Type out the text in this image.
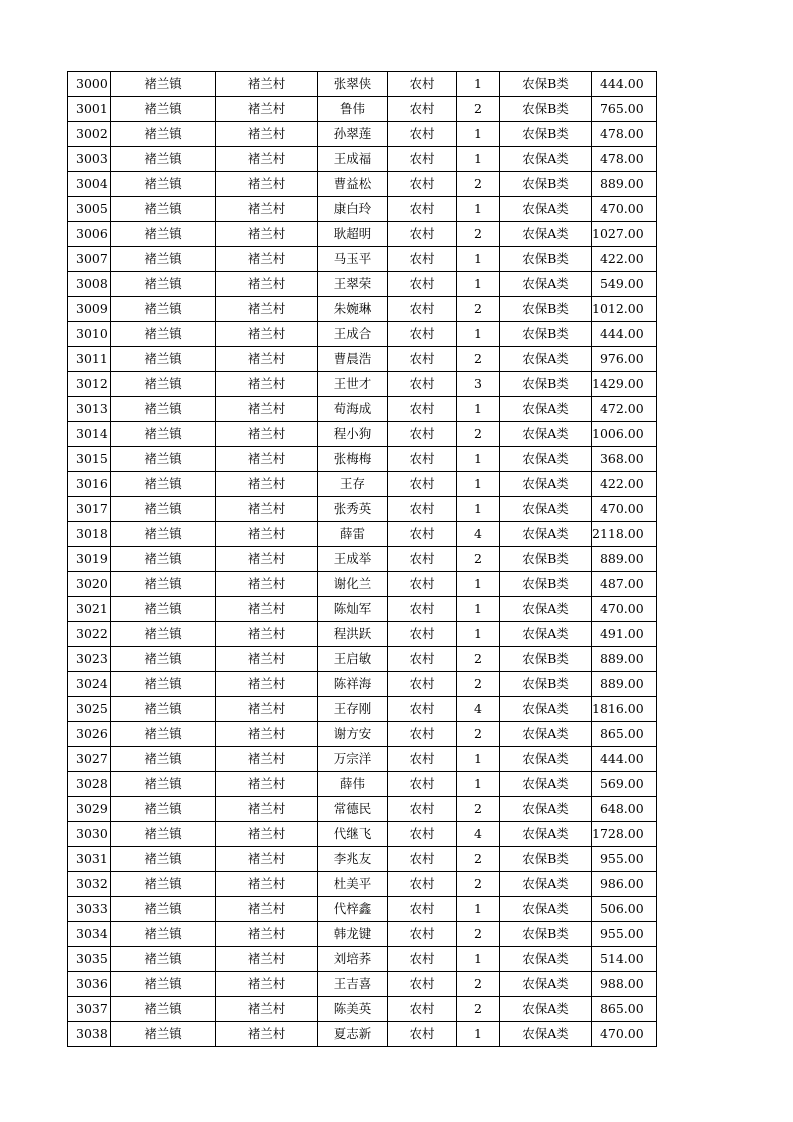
3000	褚兰镇	褚兰村	张翠侠	农村	1	农保B类	444.00
3001	褚兰镇	褚兰村	鲁伟	农村	2	农保B类	765.00
3002	褚兰镇	褚兰村	孙翠莲	农村	1	农保B类	478.00
3003	褚兰镇	褚兰村	王成福	农村	1	农保A类	478.00
3004	褚兰镇	褚兰村	曹益松	农村	2	农保B类	889.00
3005	褚兰镇	褚兰村	康白玲	农村	1	农保A类	470.00
3006	褚兰镇	褚兰村	耿超明	农村	2	农保A类	1027.00
3007	褚兰镇	褚兰村	马玉平	农村	1	农保B类	422.00
3008	褚兰镇	褚兰村	王翠荣	农村	1	农保A类	549.00
3009	褚兰镇	褚兰村	朱婉琳	农村	2	农保B类	1012.00
3010	褚兰镇	褚兰村	王成合	农村	1	农保B类	444.00
3011	褚兰镇	褚兰村	曹晨浩	农村	2	农保A类	976.00
3012	褚兰镇	褚兰村	王世才	农村	3	农保B类	1429.00
3013	褚兰镇	褚兰村	荀海成	农村	1	农保A类	472.00
3014	褚兰镇	褚兰村	程小狗	农村	2	农保A类	1006.00
3015	褚兰镇	褚兰村	张梅梅	农村	1	农保A类	368.00
3016	褚兰镇	褚兰村	王存	农村	1	农保A类	422.00
3017	褚兰镇	褚兰村	张秀英	农村	1	农保A类	470.00
3018	褚兰镇	褚兰村	薛雷	农村	4	农保A类	2118.00
3019	褚兰镇	褚兰村	王成举	农村	2	农保B类	889.00
3020	褚兰镇	褚兰村	谢化兰	农村	1	农保B类	487.00
3021	褚兰镇	褚兰村	陈灿军	农村	1	农保A类	470.00
3022	褚兰镇	褚兰村	程洪跃	农村	1	农保A类	491.00
3023	褚兰镇	褚兰村	王启敏	农村	2	农保B类	889.00
3024	褚兰镇	褚兰村	陈祥海	农村	2	农保B类	889.00
3025	褚兰镇	褚兰村	王存刚	农村	4	农保A类	1816.00
3026	褚兰镇	褚兰村	谢方安	农村	2	农保A类	865.00
3027	褚兰镇	褚兰村	万宗洋	农村	1	农保A类	444.00
3028	褚兰镇	褚兰村	薛伟	农村	1	农保A类	569.00
3029	褚兰镇	褚兰村	常德民	农村	2	农保A类	648.00
3030	褚兰镇	褚兰村	代继飞	农村	4	农保A类	1728.00
3031	褚兰镇	褚兰村	李兆友	农村	2	农保B类	955.00
3032	褚兰镇	褚兰村	杜美平	农村	2	农保A类	986.00
3033	褚兰镇	褚兰村	代梓鑫	农村	1	农保A类	506.00
3034	褚兰镇	褚兰村	韩龙键	农村	2	农保B类	955.00
3035	褚兰镇	褚兰村	刘培荞	农村	1	农保A类	514.00
3036	褚兰镇	褚兰村	王吉喜	农村	2	农保A类	988.00
3037	褚兰镇	褚兰村	陈美英	农村	2	农保A类	865.00
3038	褚兰镇	褚兰村	夏志新	农村	1	农保A类	470.00
